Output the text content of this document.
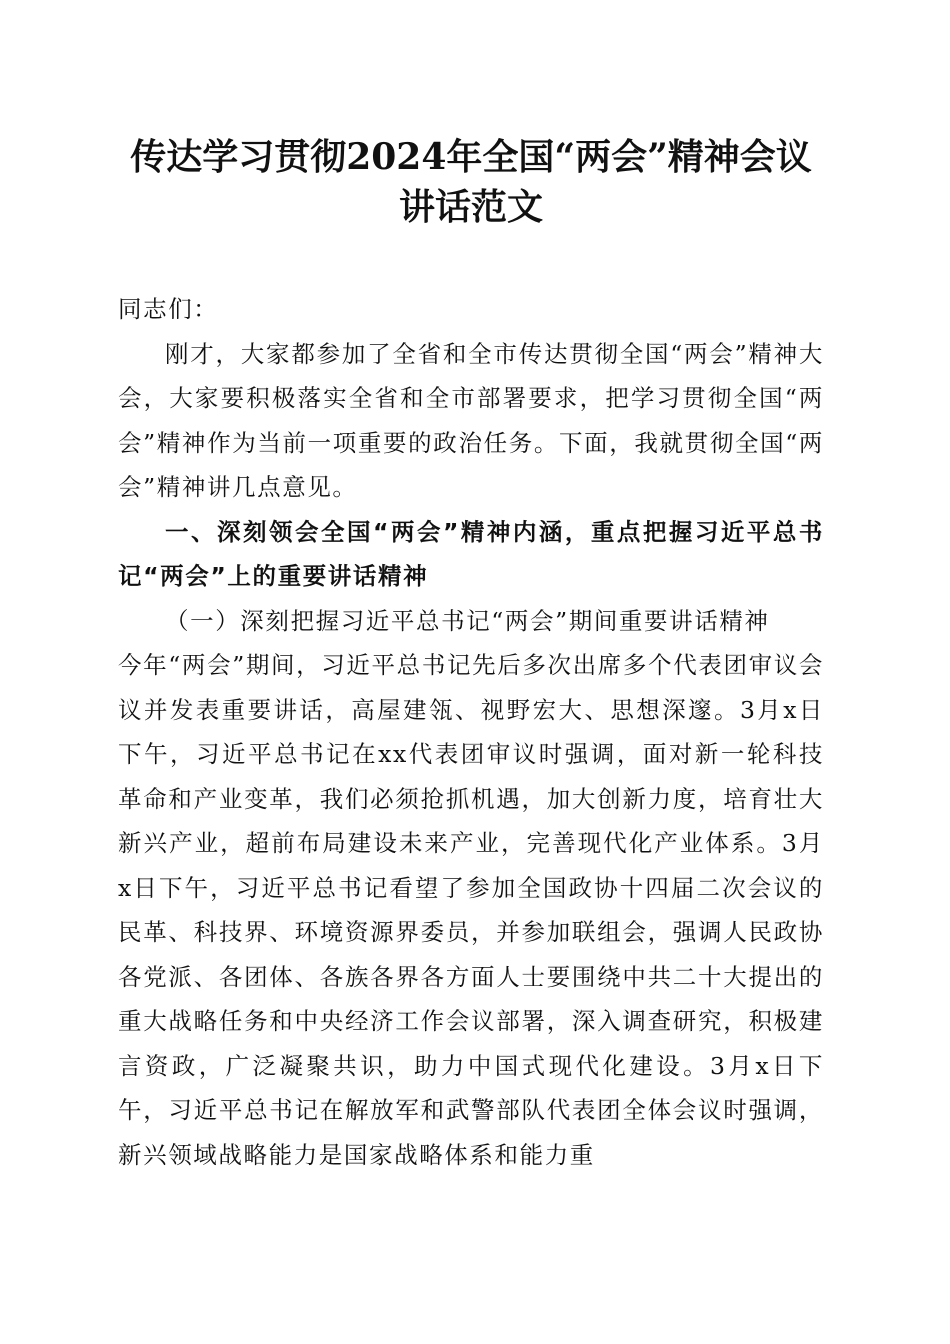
传达学习贯彻2024年全国“两会”精神会议
讲话范文

同志们：

刚才，大家都参加了全省和全市传达贯彻全国“两会”精神大会，大家要积极落实全省和全市部署要求，把学习贯彻全国“两会”精神作为当前一项重要的政治任务。下面，我就贯彻全国“两会”精神讲几点意见。

一、深刻领会全国“两会”精神内涵，重点把握习近平总书记“两会”上的重要讲话精神

（一）深刻把握习近平总书记“两会”期间重要讲话精神

今年“两会”期间，习近平总书记先后多次出席多个代表团审议会议并发表重要讲话，高屋建瓴、视野宏大、思想深邃。3月x日下午，习近平总书记在xx代表团审议时强调，面对新一轮科技革命和产业变革，我们必须抢抓机遇，加大创新力度，培育壮大新兴产业，超前布局建设未来产业，完善现代化产业体系。3月x日下午，习近平总书记看望了参加全国政协十四届二次会议的民革、科技界、环境资源界委员，并参加联组会，强调人民政协各党派、各团体、各族各界各方面人士要围绕中共二十大提出的重大战略任务和中央经济工作会议部署，深入调查研究，积极建言资政，广泛凝聚共识，助力中国式现代化建设。3月x日下午，习近平总书记在解放军和武警部队代表团全体会议时强调，新兴领域战略能力是国家战略体系和能力重
